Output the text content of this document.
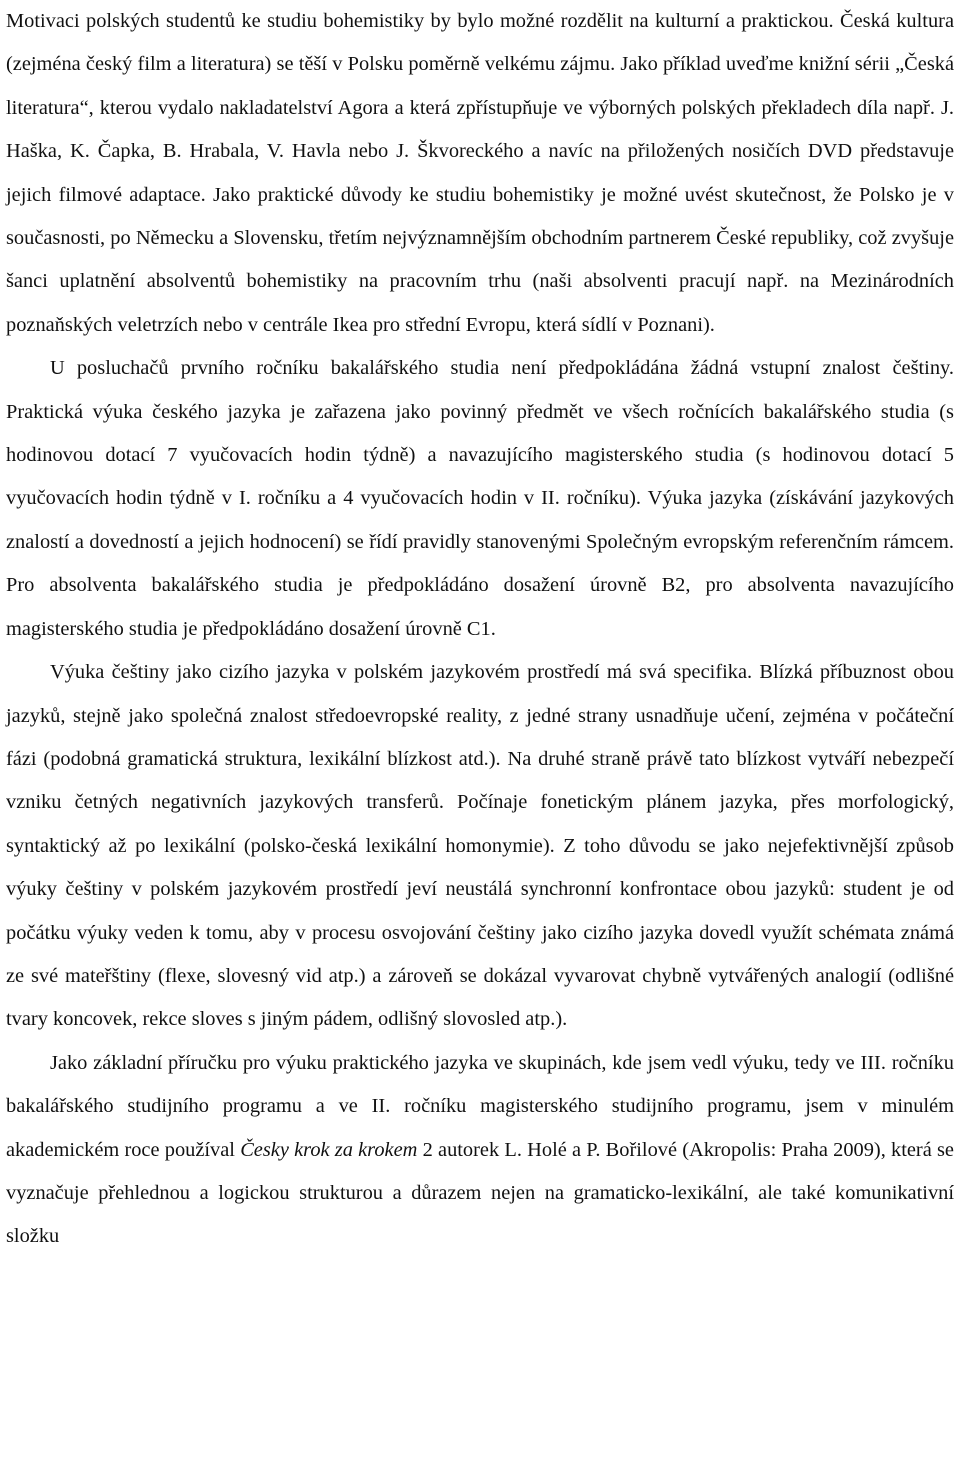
Motivaci polských studentů ke studiu bohemistiky by bylo možné rozdělit na kulturní a praktickou. Česká kultura (zejména český film a literatura) se těší v Polsku poměrně velkému zájmu. Jako příklad uveďme knižní sérii „Česká literatura“, kterou vydalo nakladatelství Agora a která zpřístupňuje ve výborných polských překladech díla např. J. Haška, K. Čapka, B. Hrabala, V. Havla nebo J. Škvoreckého a navíc na přiložených nosičích DVD představuje jejich filmové adaptace. Jako praktické důvody ke studiu bohemistiky je možné uvést skutečnost, že Polsko je v současnosti, po Německu a Slovensku, třetím nejvýznamnějším obchodním partnerem České republiky, což zvyšuje šanci uplatnění absolventů bohemistiky na pracovním trhu (naši absolventi pracují např. na Mezinárodních poznaňských veletrzích nebo v centrále Ikea pro střední Evropu, která sídlí v Poznani).

U posluchačů prvního ročníku bakalářského studia není předpokládána žádná vstupní znalost češtiny. Praktická výuka českého jazyka je zařazena jako povinný předmět ve všech ročnících bakalářského studia (s hodinovou dotací 7 vyučovacích hodin týdně) a navazujícího magisterského studia (s hodinovou dotací 5 vyučovacích hodin týdně v I. ročníku a 4 vyučovacích hodin v II. ročníku). Výuka jazyka (získávání jazykových znalostí a dovedností a jejich hodnocení) se řídí pravidly stanovenými Společným evropským referenčním rámcem. Pro absolventa bakalářského studia je předpokládáno dosažení úrovně B2, pro absolventa navazujícího magisterského studia je předpokládáno dosažení úrovně C1.

Výuka češtiny jako cizího jazyka v polském jazykovém prostředí má svá specifika. Blízká příbuznost obou jazyků, stejně jako společná znalost středoevropské reality, z jedné strany usnadňuje učení, zejména v počáteční fázi (podobná gramatická struktura, lexikální blízkost atd.). Na druhé straně právě tato blízkost vytváří nebezpečí vzniku četných negativních jazykových transferů. Počínaje fonetickým plánem jazyka, přes morfologický, syntaktický až po lexikální (polsko-česká lexikální homonymie). Z toho důvodu se jako nejefektivnější způsob výuky češtiny v polském jazykovém prostředí jeví neustálá synchronní konfrontace obou jazyků: student je od počátku výuky veden k tomu, aby v procesu osvojování češtiny jako cizího jazyka dovedl využít schémata známá ze své mateřštiny (flexe, slovesný vid atp.) a zároveň se dokázal vyvarovat chybně vytvářených analogií (odlišné tvary koncovek, rekce sloves s jiným pádem, odlišný slovosled atp.).

Jako základní příručku pro výuku praktického jazyka ve skupinách, kde jsem vedl výuku, tedy ve III. ročníku bakalářského studijního programu a ve II. ročníku magisterského studijního programu, jsem v minulém akademickém roce používal Česky krok za krokem 2 autorek L. Holé a P. Bořilové (Akropolis: Praha 2009), která se vyznačuje přehlednou a logickou strukturou a důrazem nejen na gramaticko-lexikální, ale také komunikativní složku
